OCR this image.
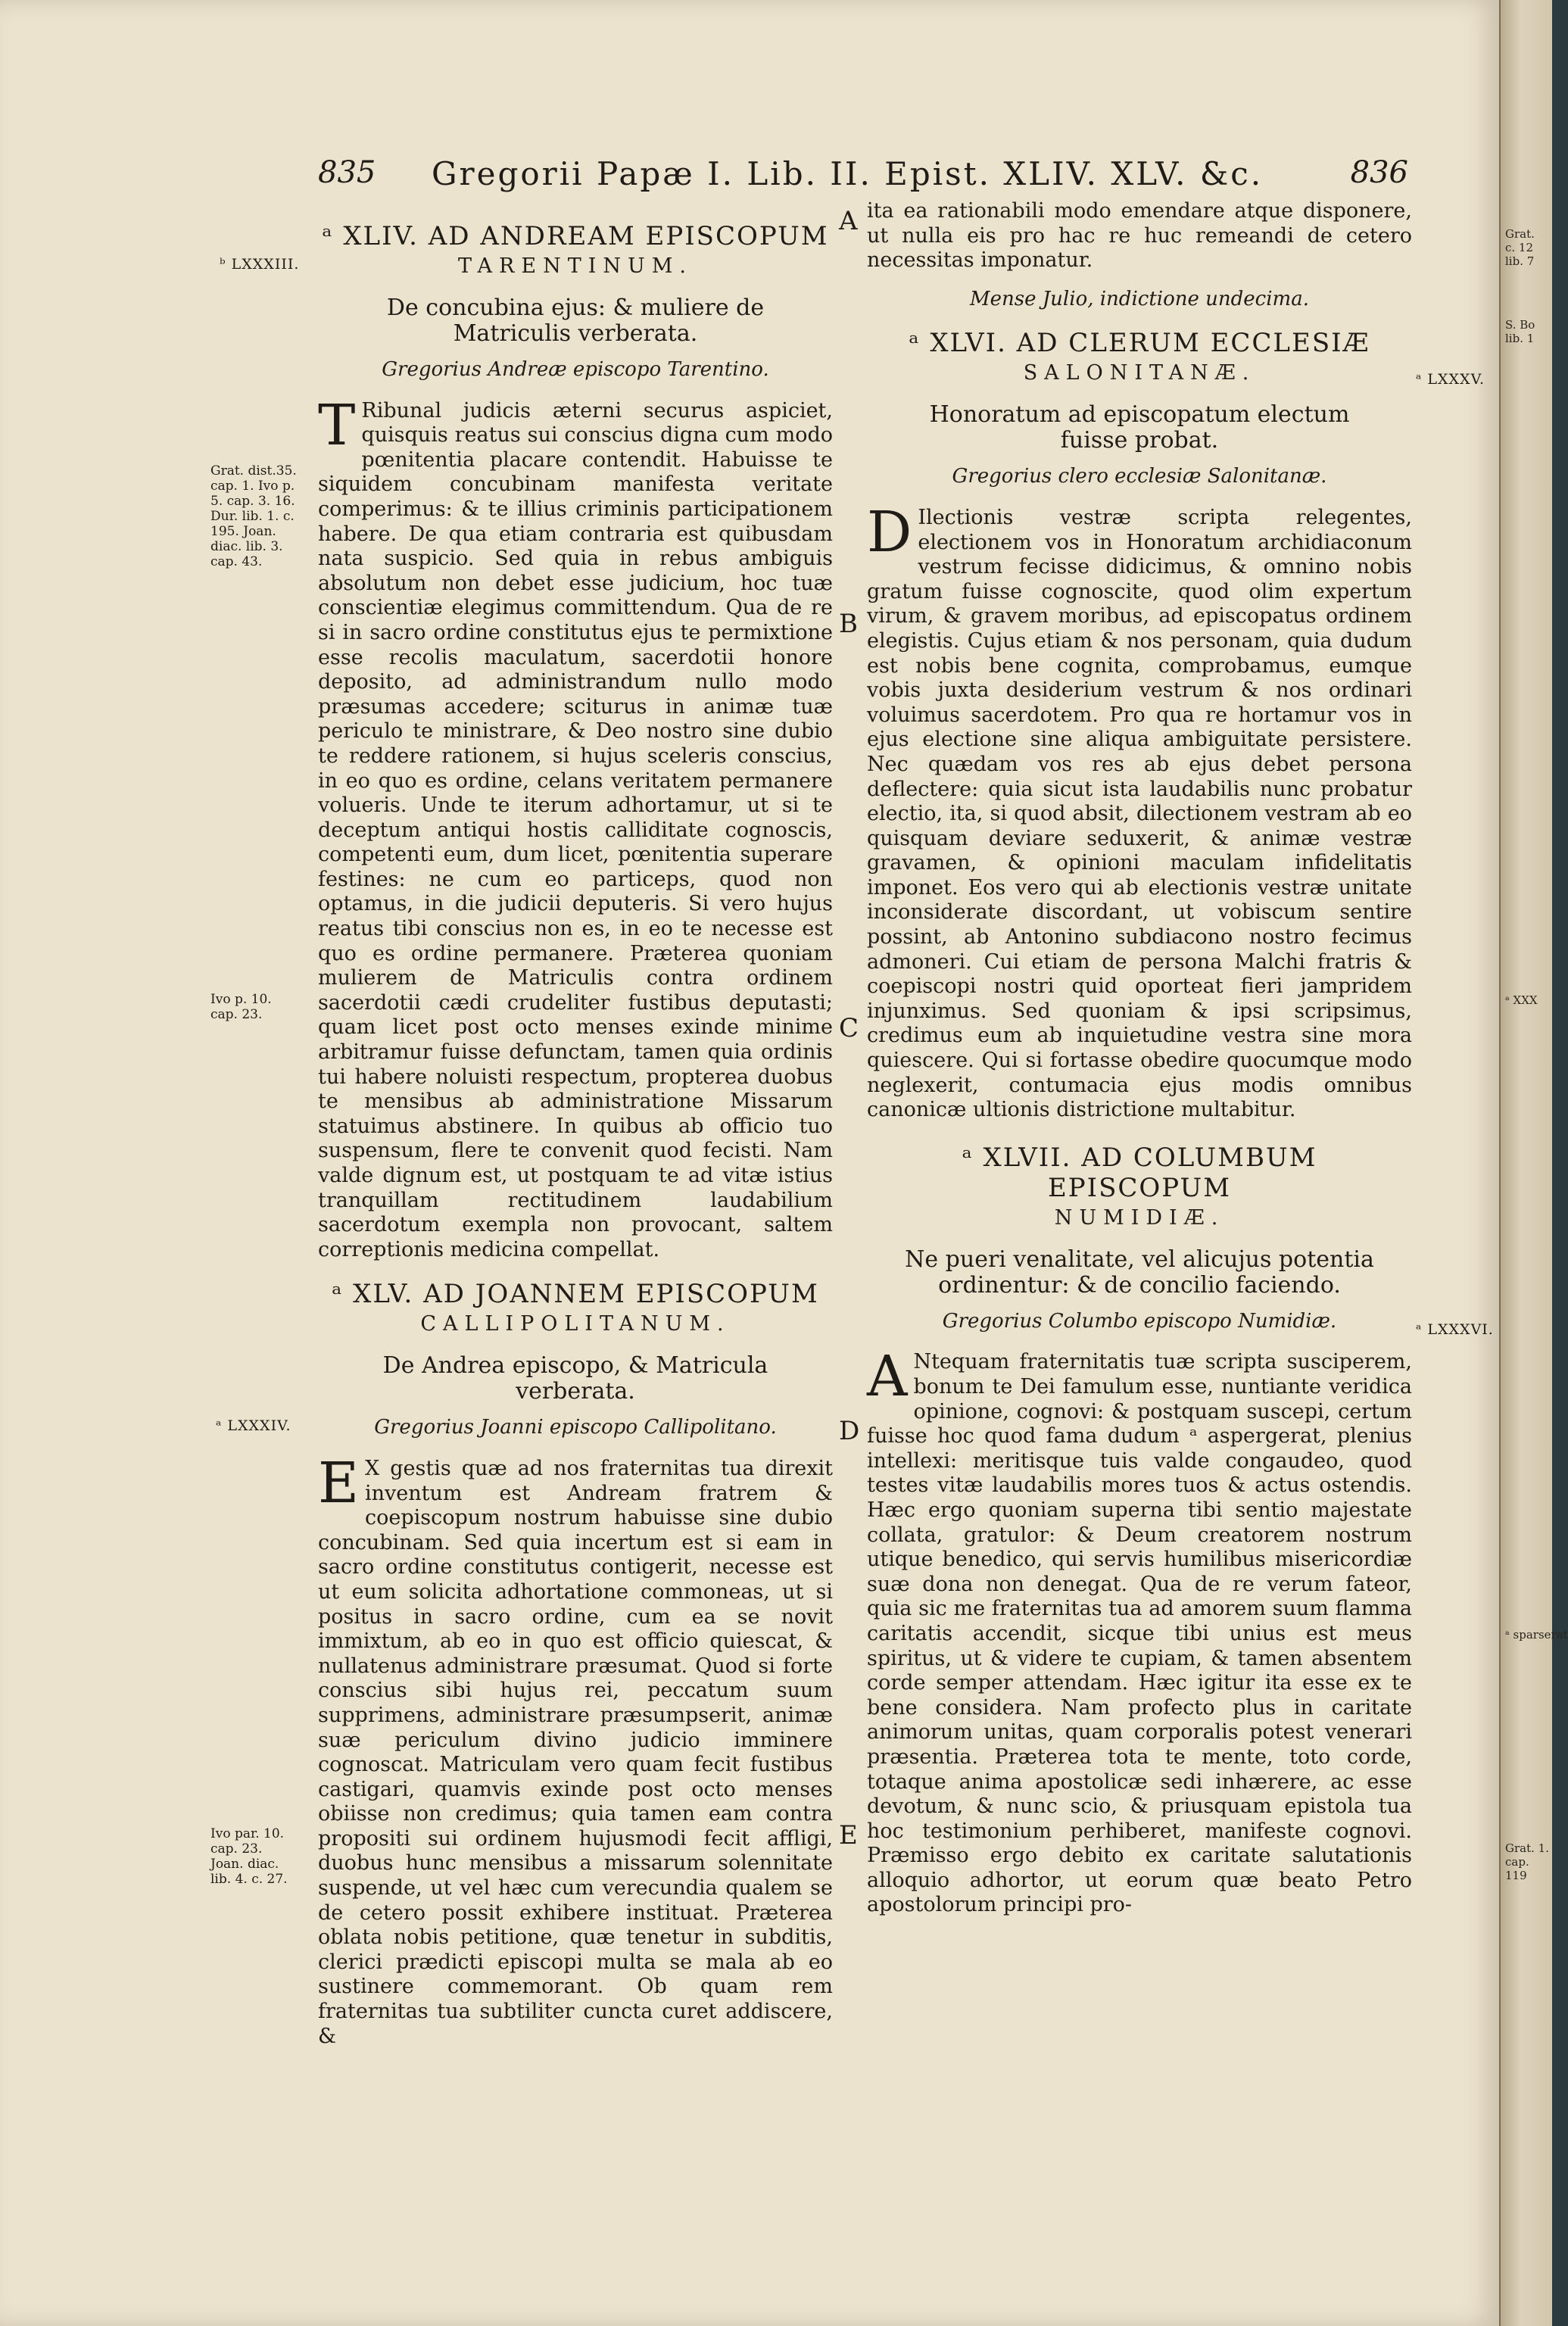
835 Gregorii Papæ I. Lib. II. Epist. XLIV. XLV. &c.	836
ᵇ LXXXIII.
Grat. dist.35.
cap. 1. Ivo p.
5. cap. 3. 16.
Dur. lib. 1. c.
195. Joan.
diac. lib. 3.
cap. 43.
Ivo p. 10.
cap. 23.
ᵃ LXXXIV.
Ivo par. 10.
cap. 23.
Joan. diac.
lib. 4. c. 27.
ᵃ LXXXV.
ᵃ LXXXVI.
A
B
C
D
E

ᵃ XLIV. AD ANDREAM EPISCOPUM
TARENTINUM.

De concubina ejus: & muliere de Matriculis verberata.

Gregorius Andreæ episcopo Tarentino.

T Ribunal judicis æterni securus aspiciet, quisquis reatus sui conscius digna cum modo pœnitentia placare contendit. Habuisse te siquidem concubinam manifesta veritate comperimus: & te illius criminis participationem habere. De qua etiam contraria est quibusdam nata suspicio. Sed quia in rebus ambiguis absolutum non debet esse judicium, hoc tuæ conscientiæ elegimus committendum. Qua de re si in sacro ordine constitutus ejus te permixtione esse recolis maculatum, sacerdotii honore deposito, ad administrandum nullo modo præsumas accedere; sciturus in animæ tuæ periculo te ministrare, & Deo nostro sine dubio te reddere rationem, si hujus sceleris conscius, in eo quo es ordine, celans veritatem permanere volueris. Unde te iterum adhortamur, ut si te deceptum antiqui hostis calliditate cognoscis, competenti eum, dum licet, pœnitentia superare festines: ne cum eo particeps, quod non optamus, in die judicii deputeris. Si vero hujus reatus tibi conscius non es, in eo te necesse est quo es ordine permanere. Præterea quoniam mulierem de Matriculis contra ordinem sacerdotii cædi crudeliter fustibus deputasti; quam licet post octo menses exinde minime arbitramur fuisse defunctam, tamen quia ordinis tui habere noluisti respectum, propterea duobus te mensibus ab administratione Missarum statuimus abstinere. In quibus ab officio tuo suspensum, flere te convenit quod fecisti. Nam valde dignum est, ut postquam te ad vitæ istius tranquillam rectitudinem laudabilium sacerdotum exempla non provocant, saltem correptionis medicina compellat.

ᵃ XLV. AD JOANNEM EPISCOPUM
CALLIPOLITANUM.

De Andrea episcopo, & Matricula verberata.

Gregorius Joanni episcopo Callipolitano.

E X gestis quæ ad nos fraternitas tua direxit inventum est Andream fratrem & coepiscopum nostrum habuisse sine dubio concubinam. Sed quia incertum est si eam in sacro ordine constitutus contigerit, necesse est ut eum solicita adhortatione commoneas, ut si positus in sacro ordine, cum ea se novit immixtum, ab eo in quo est officio quiescat, & nullatenus administrare præsumat. Quod si forte conscius sibi hujus rei, peccatum suum supprimens, administrare præsumpserit, animæ suæ periculum divino judicio imminere cognoscat. Matriculam vero quam fecit fustibus castigari, quamvis exinde post octo menses obiisse non credimus; quia tamen eam contra propositi sui ordinem hujusmodi fecit affligi, duobus hunc mensibus a missarum solennitate suspende, ut vel hæc cum verecundia qualem se de cetero possit exhibere instituat. Præterea oblata nobis petitione, quæ tenetur in subditis, clerici prædicti episcopi multa se mala ab eo sustinere commemorant. Ob quam rem fraternitas tua subtiliter cuncta curet addiscere, &

ita ea rationabili modo emendare atque disponere, ut nulla eis pro hac re huc remeandi de cetero necessitas imponatur.

Mense Julio, indictione undecima.

ᵃ XLVI. AD CLERUM ECCLESIÆ
SALONITANÆ.

Honoratum ad episcopatum electum fuisse probat.

Gregorius clero ecclesiæ Salonitanæ.

D Ilectionis vestræ scripta relegentes, electionem vos in Honoratum archidiaconum vestrum fecisse didicimus, & omnino nobis gratum fuisse cognoscite, quod olim expertum virum, & gravem moribus, ad episcopatus ordinem elegistis. Cujus etiam & nos personam, quia dudum est nobis bene cognita, comprobamus, eumque vobis juxta desiderium vestrum & nos ordinari voluimus sacerdotem. Pro qua re hortamur vos in ejus electione sine aliqua ambiguitate persistere. Nec quædam vos res ab ejus debet persona deflectere: quia sicut ista laudabilis nunc probatur electio, ita, si quod absit, dilectionem vestram ab eo quisquam deviare seduxerit, & animæ vestræ gravamen, & opinioni maculam infidelitatis imponet. Eos vero qui ab electionis vestræ unitate inconsiderate discordant, ut vobiscum sentire possint, ab Antonino subdiacono nostro fecimus admoneri. Cui etiam de persona Malchi fratris & coepiscopi nostri quid oporteat fieri jampridem injunximus. Sed quoniam & ipsi scripsimus, credimus eum ab inquietudine vestra sine mora quiescere. Qui si fortasse obedire quocumque modo neglexerit, contumacia ejus modis omnibus canonicæ ultionis districtione multabitur.

ᵃ XLVII. AD COLUMBUM EPISCOPUM
NUMIDIÆ.

Ne pueri venalitate, vel alicujus potentia ordinentur: & de concilio faciendo.

Gregorius Columbo episcopo Numidiæ.

A Ntequam fraternitatis tuæ scripta susciperem, bonum te Dei famulum esse, nuntiante veridica opinione, cognovi: & postquam suscepi, certum fuisse hoc quod fama dudum ᵃ aspergerat, plenius intellexi: meritisque tuis valde congaudeo, quod testes vitæ laudabilis mores tuos & actus ostendis. Hæc ergo quoniam superna tibi sentio majestate collata, gratulor: & Deum creatorem nostrum utique benedico, qui servis humilibus misericordiæ suæ dona non denegat. Qua de re verum fateor, quia sic me fraternitas tua ad amorem suum flamma caritatis accendit, sicque tibi unius est meus spiritus, ut & videre te cupiam, & tamen absentem corde semper attendam. Hæc igitur ita esse ex te bene considera. Nam profecto plus in caritate animorum unitas, quam corporalis potest venerari præsentia. Præterea tota te mente, toto corde, totaque anima apostolicæ sedi inhærere, ac esse devotum, & nunc scio, & priusquam epistola tua hoc testimonium perhiberet, manifeste cognovi. Præmisso ergo debito ex caritate salutationis alloquio adhortor, ut eorum quæ beato Petro apostolorum principi pro-

Grat.
c. 12
lib. 7
S. Bo
lib. 1
ᵃ XXX
ᵃ sparserat
Grat. 1.
cap. 119
